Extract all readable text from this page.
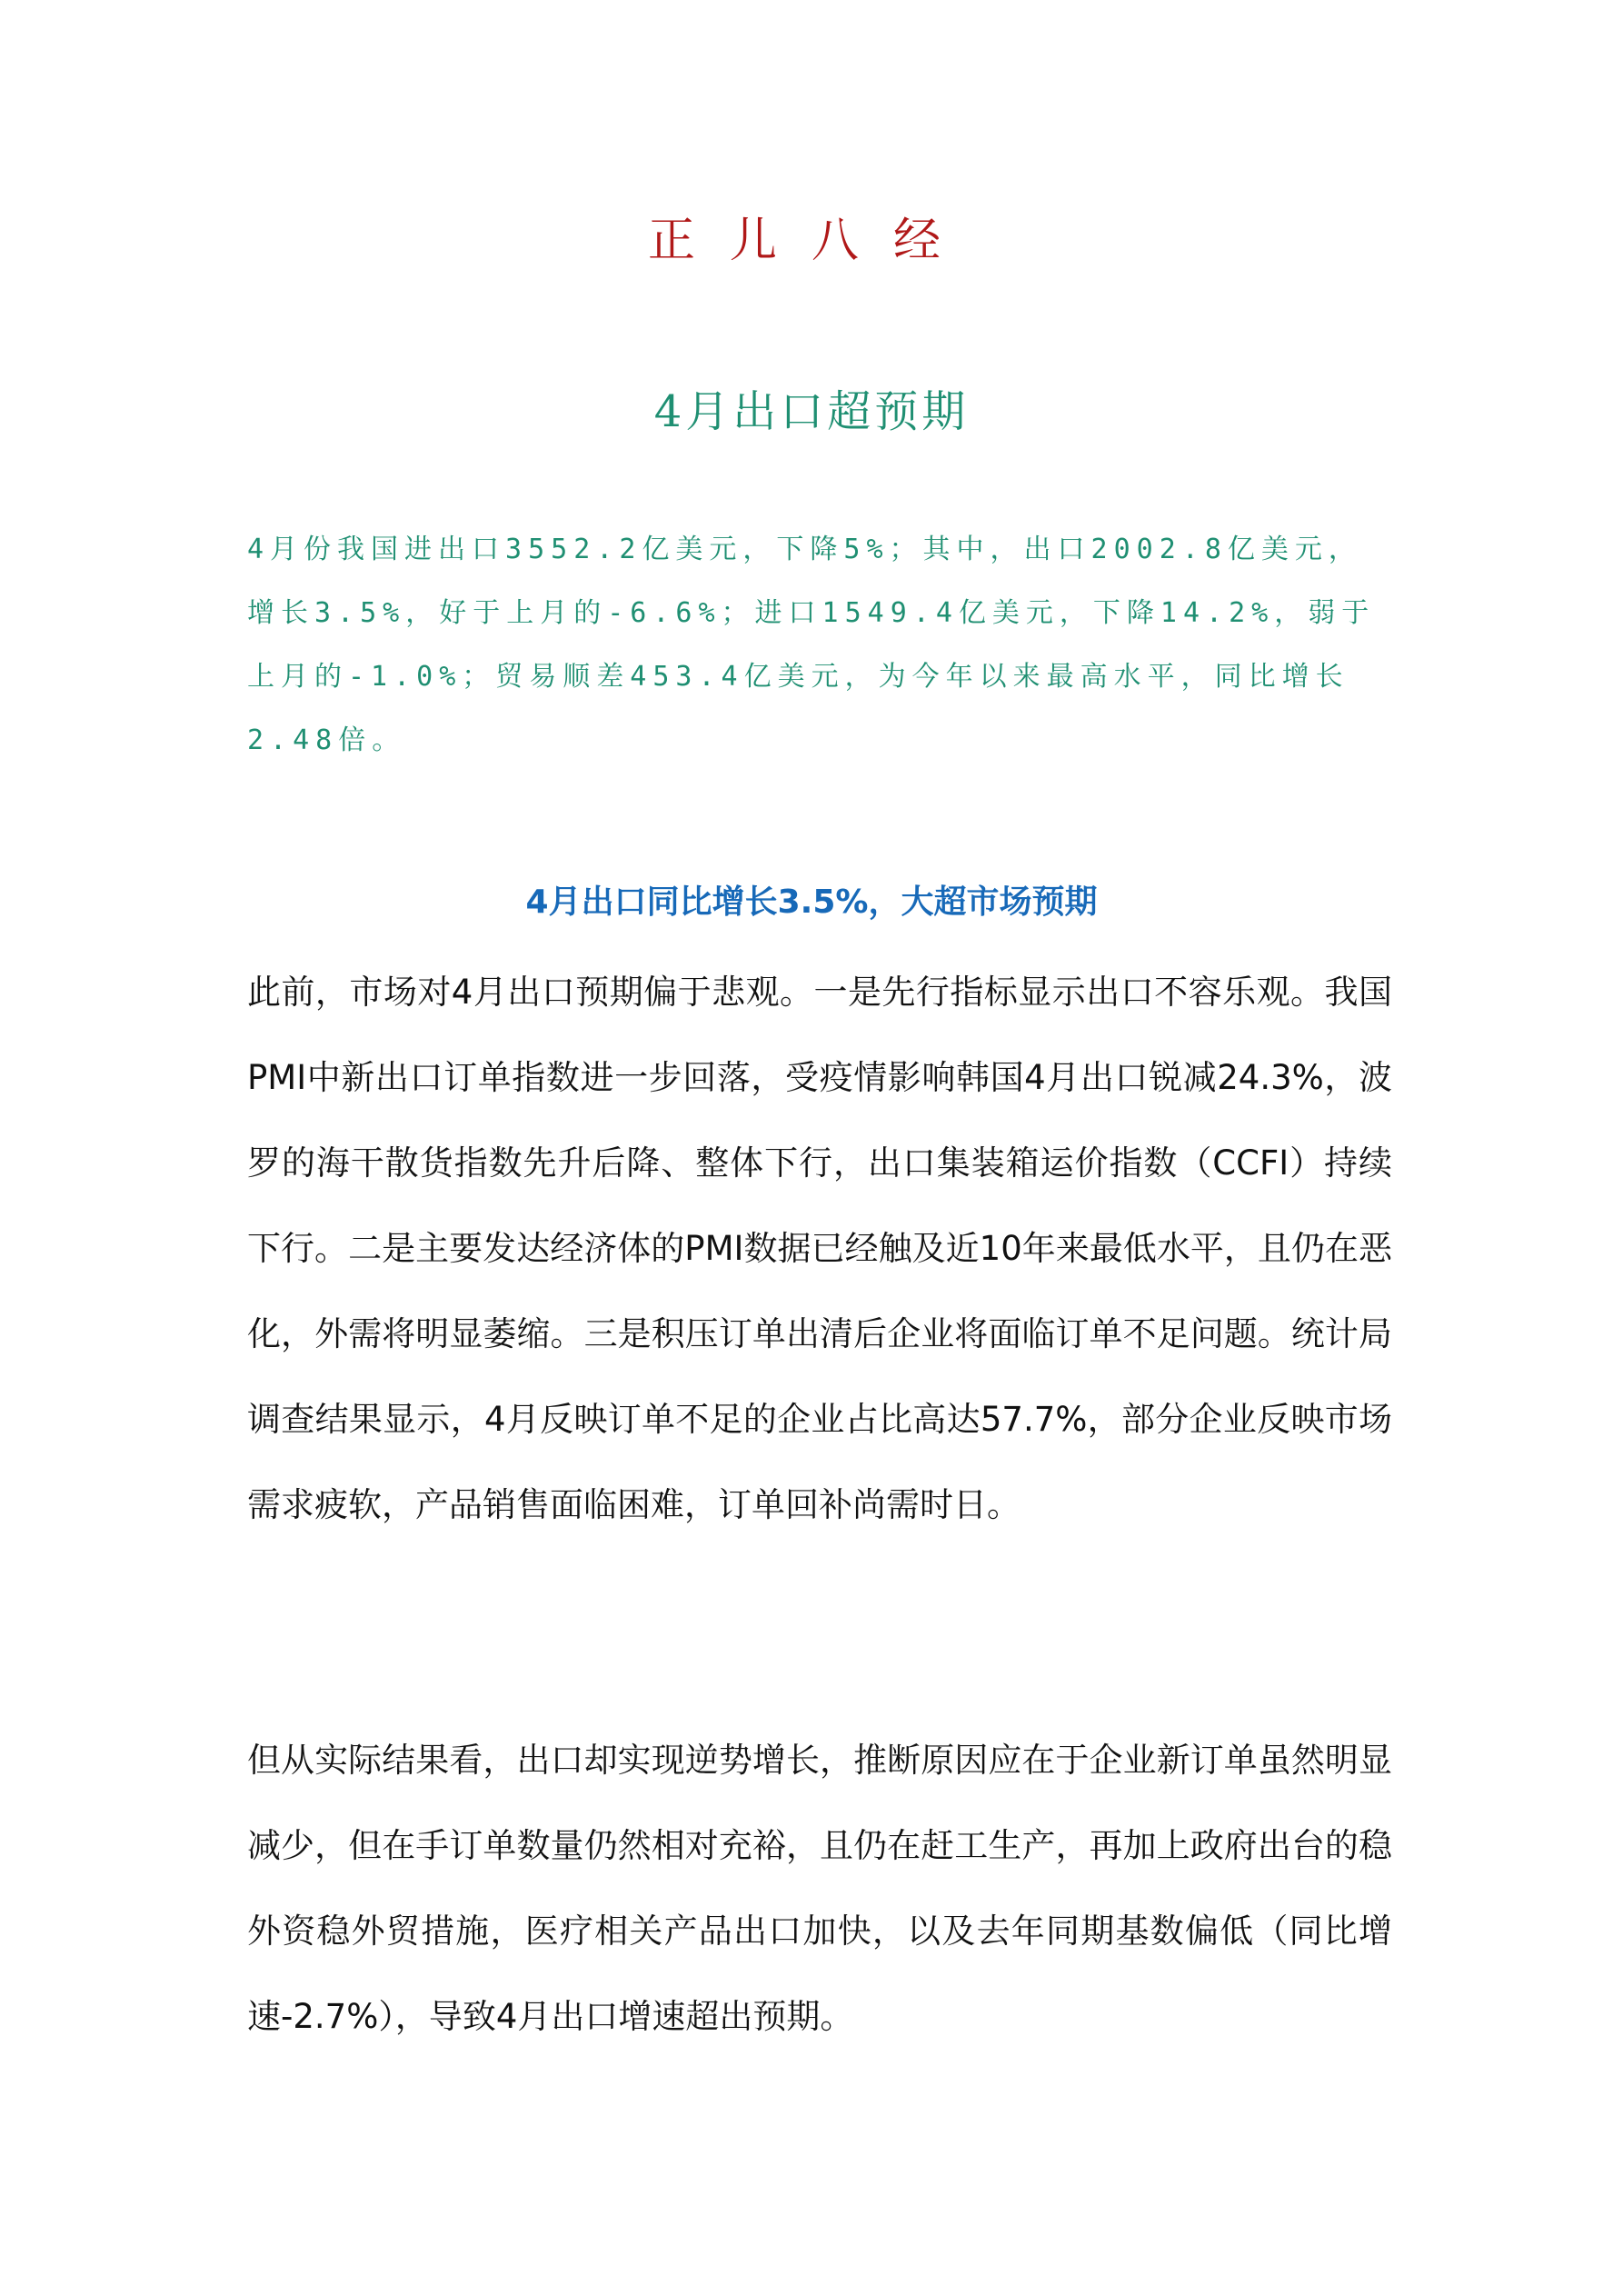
正儿八经
4月出口超预期

4月份我国进出口3552.2亿美元，下降5%；其中，出口2002.8亿美元，增长3.5%，好于上月的-6.6%；进口1549.4亿美元，下降14.2%，弱于上月的-1.0%；贸易顺差453.4亿美元，为今年以来最高水平，同比增长2.48倍。

4月出口同比增长3.5%，大超市场预期

此前，市场对4月出口预期偏于悲观。一是先行指标显示出口不容乐观。我国PMI中新出口订单指数进一步回落，受疫情影响韩国4月出口锐减24.3%，波罗的海干散货指数先升后降、整体下行，出口集装箱运价指数（CCFI）持续下行。二是主要发达经济体的PMI数据已经触及近10年来最低水平，且仍在恶化，外需将明显萎缩。三是积压订单出清后企业将面临订单不足问题。统计局调查结果显示，4月反映订单不足的企业占比高达57.7%，部分企业反映市场需求疲软，产品销售面临困难，订单回补尚需时日。

但从实际结果看，出口却实现逆势增长，推断原因应在于企业新订单虽然明显减少，但在手订单数量仍然相对充裕，且仍在赶工生产，再加上政府出台的稳外资稳外贸措施，医疗相关产品出口加快，以及去年同期基数偏低（同比增速-2.7%），导致4月出口增速超出预期。
